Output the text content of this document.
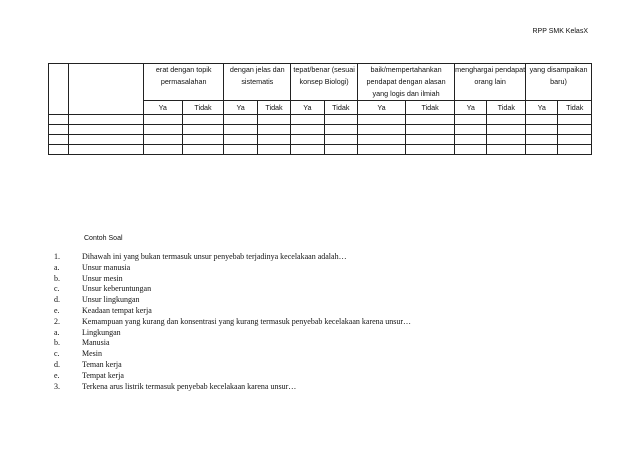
RPP SMK KelasX
		erat dengan topik permasalahan		dengan jelas dan sistematis		tepat/benar (sesuai konsep Biologi)		baik/mempertahankan pendapat dengan alasan yang logis dan ilmiah		menghargai pendapat orang lain		yang disampaikan baru)	
		Ya	Tidak	Ya	Tidak	Ya	Tidak	Ya	Tidak	Ya	Tidak	Ya	Tidak

Contoh Soal
1.	Dihawah ini yang bukan termasuk unsur penyebab terjadinya kecelakaan adalah…
a.	Unsur manusia
b.	Unsur mesin
c.	Unsur keberuntungan
d.	Unsur lingkungan
e.	Keadaan tempat kerja
2.	Kemampuan yang kurang dan konsentrasi yang kurang termasuk penyebab kecelakaan karena unsur…
a.	Lingkungan
b.	Manusia
c.	Mesin
d.	Teman kerja
e.	Tempat kerja
3.	Terkena arus listrik termasuk penyebab kecelakaan karena unsur…
